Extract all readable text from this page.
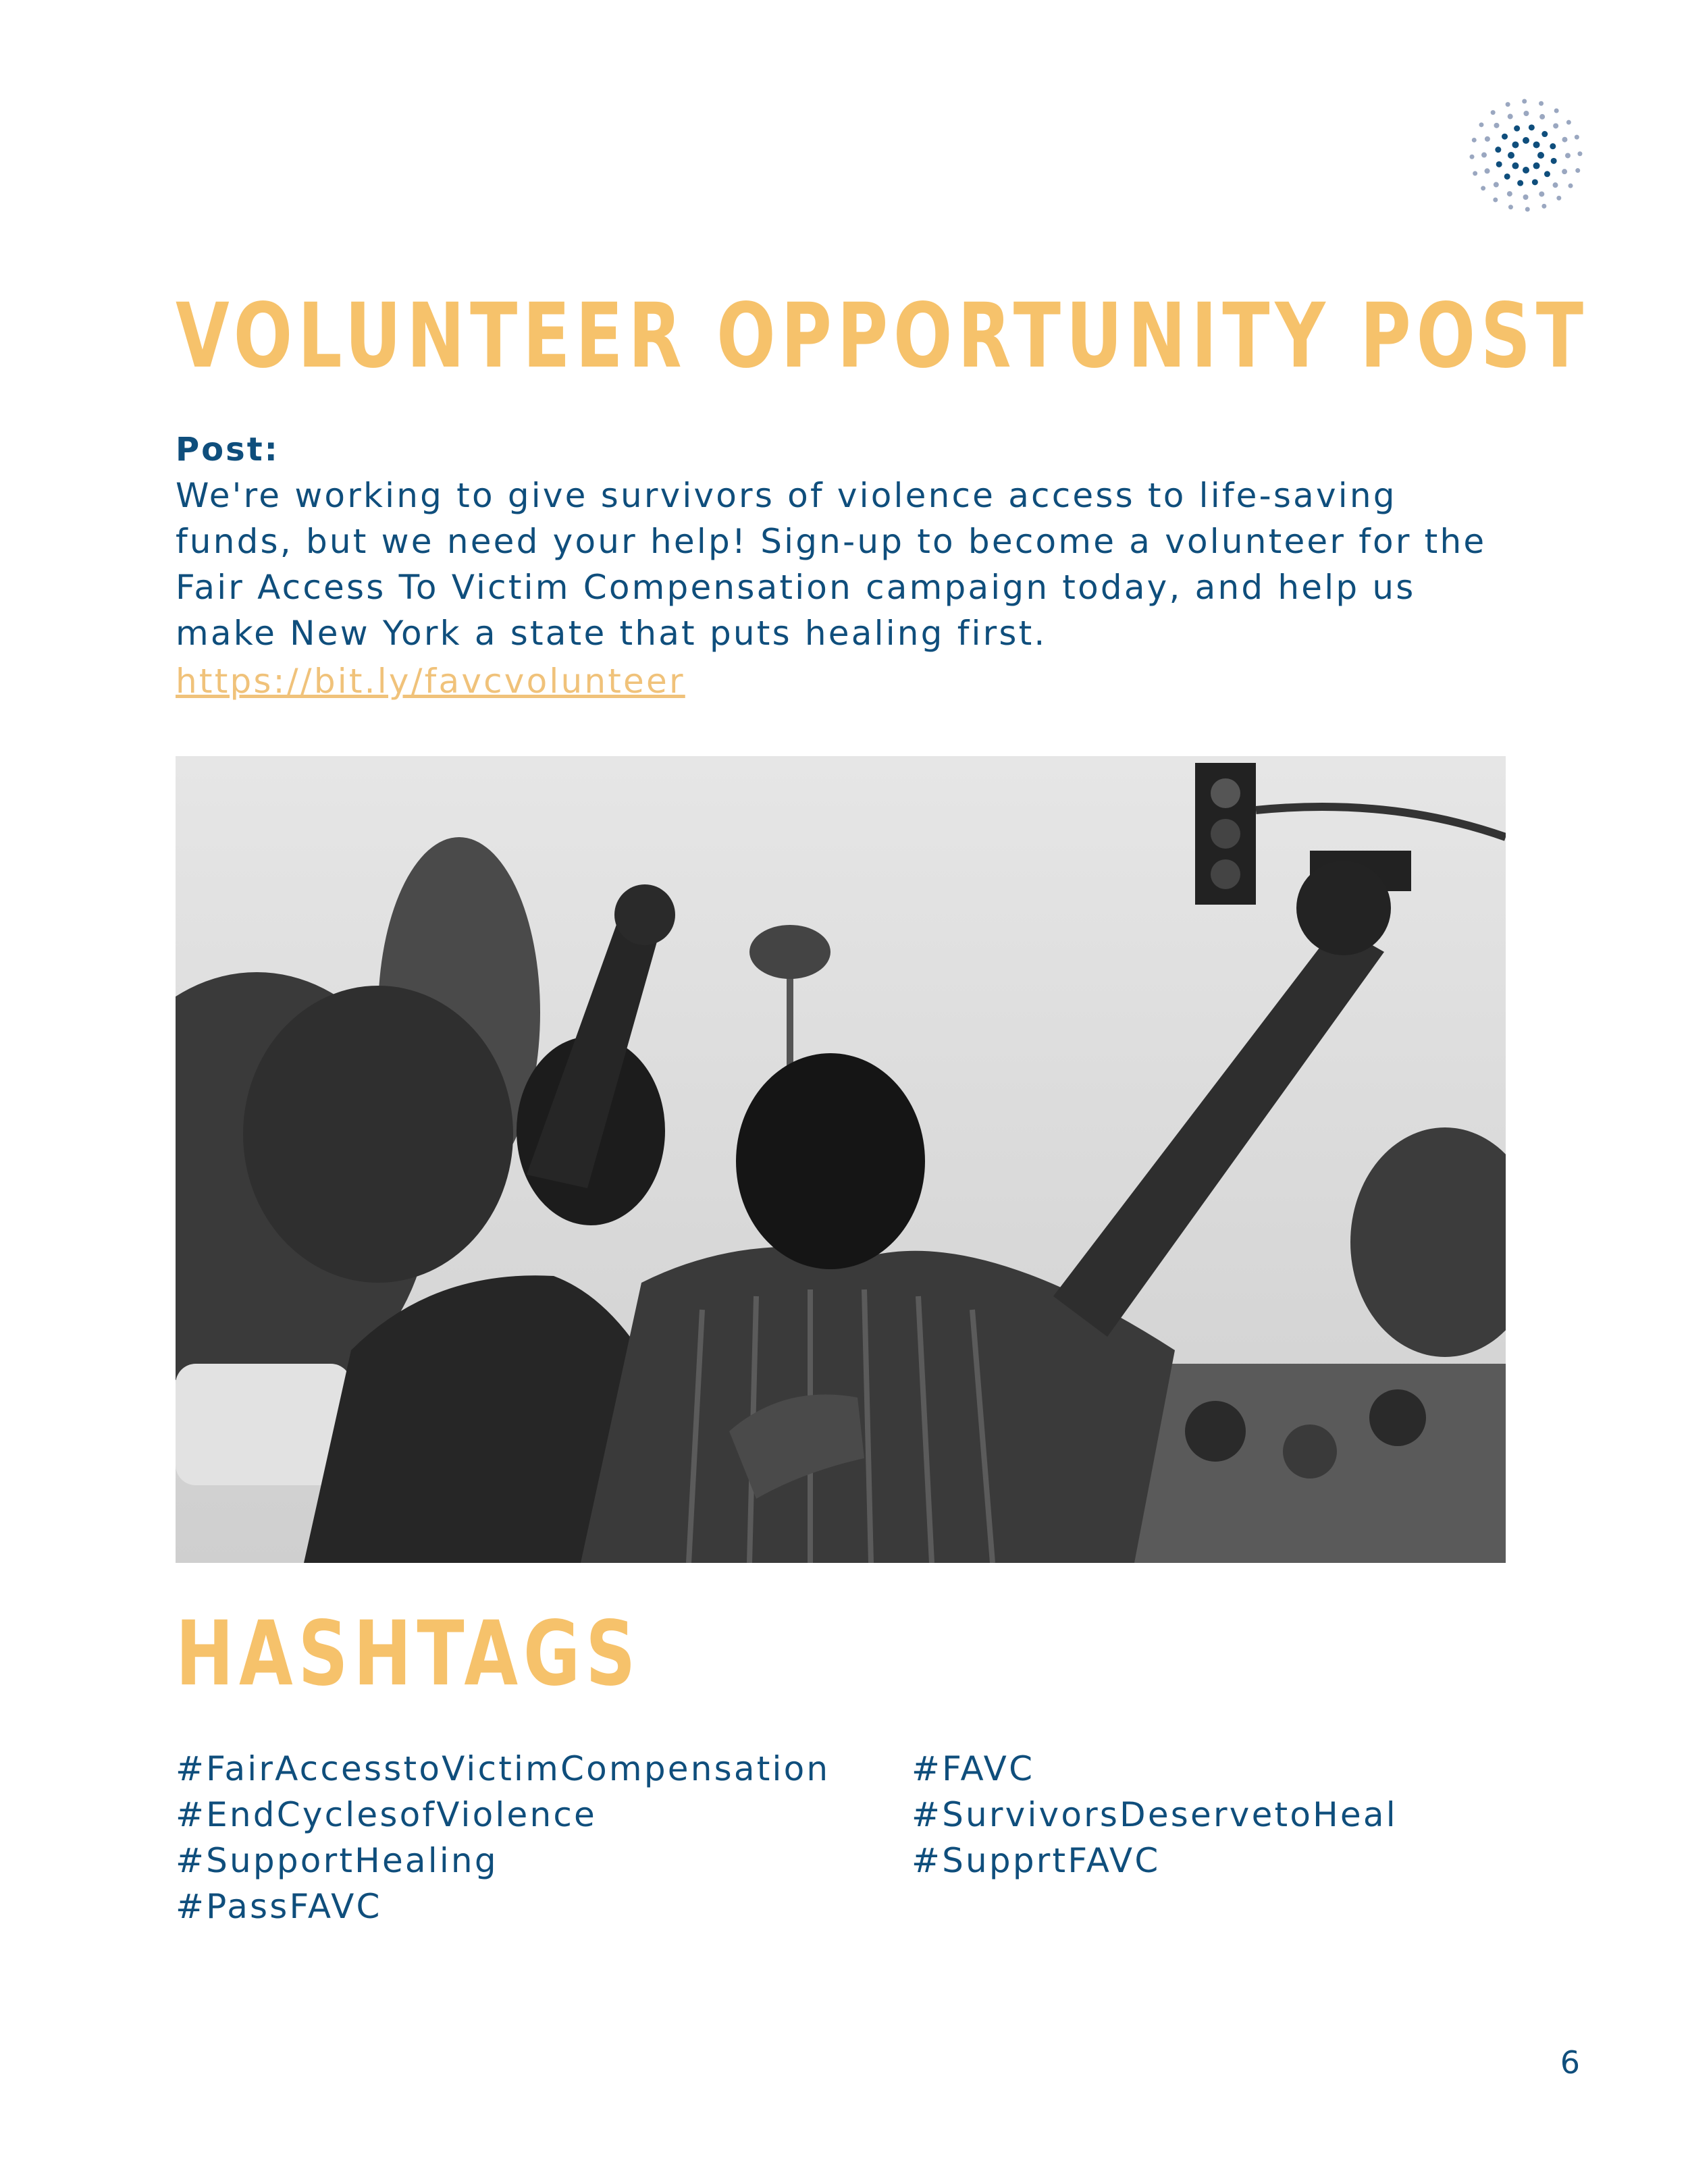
VOLUNTEER OPPORTUNITY POST
Post:

We're working to give survivors of violence access to life-saving

funds, but we need your help! Sign-up to become a volunteer for the

Fair Access To Victim Compensation campaign today, and help us

make New York a state that puts healing first.

https://bit.ly/favcvolunteer
HASHTAGS
#FairAccesstoVictimCompensation
#EndCyclesofViolence
#SupportHealing
#PassFAVC
#FAVC
#SurvivorsDeservetoHeal
#SupprtFAVC
6
